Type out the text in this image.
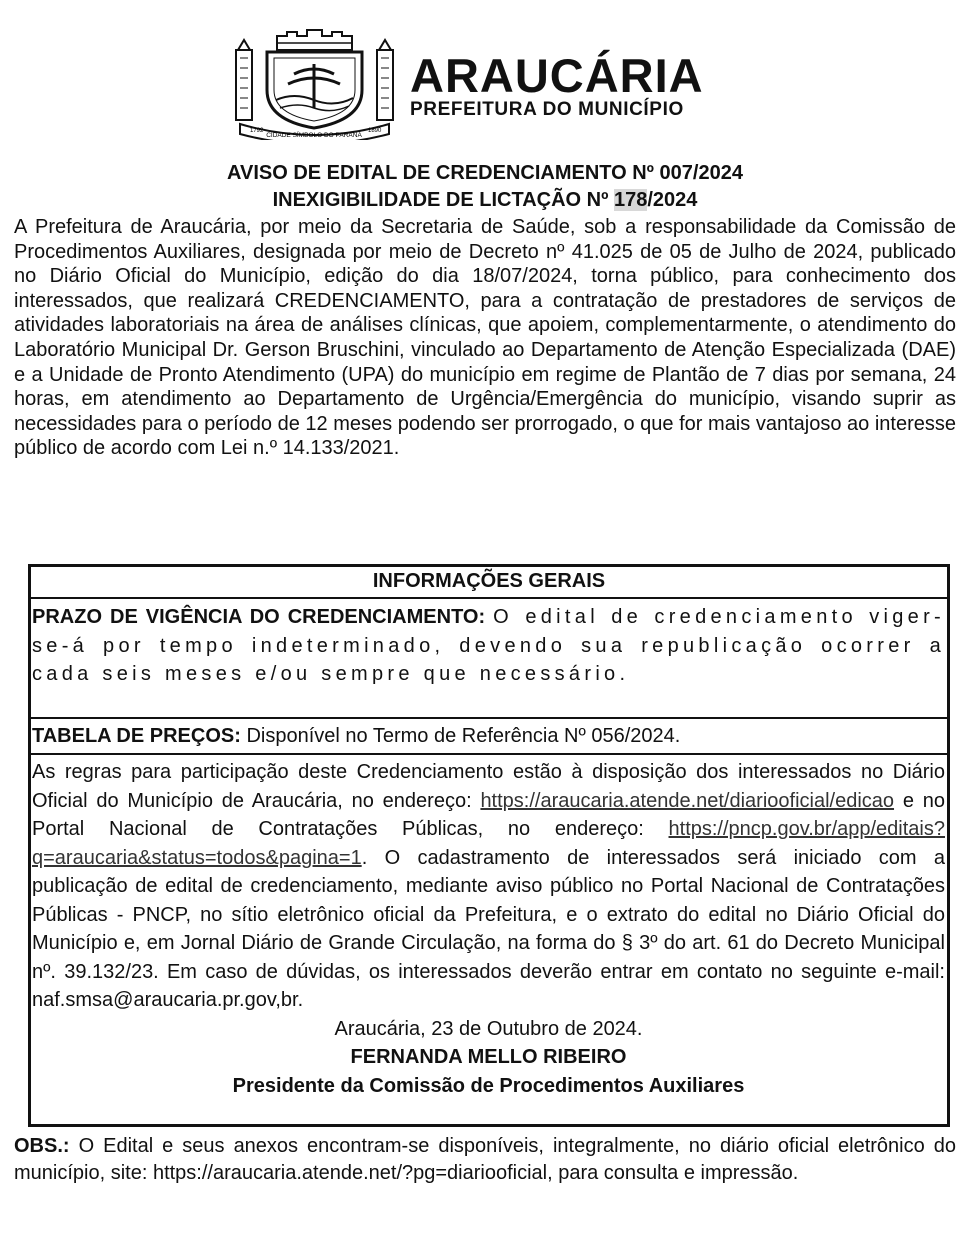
1792	1890
CIDADE SÍMBOLO DO PARANÁ
ARAUCÁRIA
PREFEITURA DO MUNICÍPIO
AVISO DE EDITAL DE CREDENCIAMENTO Nº 007/2024
INEXIGIBILIDADE DE LICTAÇÃO Nº 178/2024

A Prefeitura de Araucária, por meio da Secretaria de Saúde, sob a responsabilidade da Comissão de Procedimentos Auxiliares, designada por meio de Decreto nº 41.025 de 05 de Julho de 2024, publicado no Diário Oficial do Município, edição do dia 18/07/2024, torna público, para conhecimento dos interessados, que realizará CREDENCIAMENTO, para a contratação de prestadores de serviços de atividades laboratoriais na área de análises clínicas, que apoiem, complementarmente, o atendimento do Laboratório Municipal Dr. Gerson Bruschini, vinculado ao Departamento de Atenção Especializada (DAE) e a Unidade de Pronto Atendimento (UPA) do município em regime de Plantão de 7 dias por semana, 24 horas, em atendimento ao Departamento de Urgência/Emergência do município, visando suprir as necessidades para o período de 12 meses podendo ser prorrogado, o que for mais vantajoso ao interesse público de acordo com Lei n.º 14.133/2021.

INFORMAÇÕES GERAIS
PRAZO DE VIGÊNCIA DO CREDENCIAMENTO: O edital de credenciamento viger-se-á por tempo indeterminado, devendo sua republicação ocorrer a cada seis meses e/ou sempre que necessário.
TABELA DE PREÇOS: Disponível no Termo de Referência Nº 056/2024.
As regras para participação deste Credenciamento estão à disposição dos interessados no Diário Oficial do Município de Araucária, no endereço: https://araucaria.atende.net/diariooficial/edicao e no Portal Nacional de Contratações Públicas, no endereço: https://pncp.gov.br/app/editais?q=araucaria&status=todos&pagina=1. O cadastramento de interessados será iniciado com a publicação de edital de credenciamento, mediante aviso público no Portal Nacional de Contratações Públicas - PNCP, no sítio eletrônico oficial da Prefeitura, e o extrato do edital no Diário Oficial do Município e, em Jornal Diário de Grande Circulação, na forma do § 3º do art. 61 do Decreto Municipal nº. 39.132/23. Em caso de dúvidas, os interessados deverão entrar em contato no seguinte e-mail: naf.smsa@araucaria.pr.gov,br.
Araucária, 23 de Outubro de 2024.
FERNANDA MELLO RIBEIRO
Presidente da Comissão de Procedimentos Auxiliares

OBS.: O Edital e seus anexos encontram-se disponíveis, integralmente, no diário oficial eletrônico do município, site: https://araucaria.atende.net/?pg=diariooficial, para consulta e impressão.
